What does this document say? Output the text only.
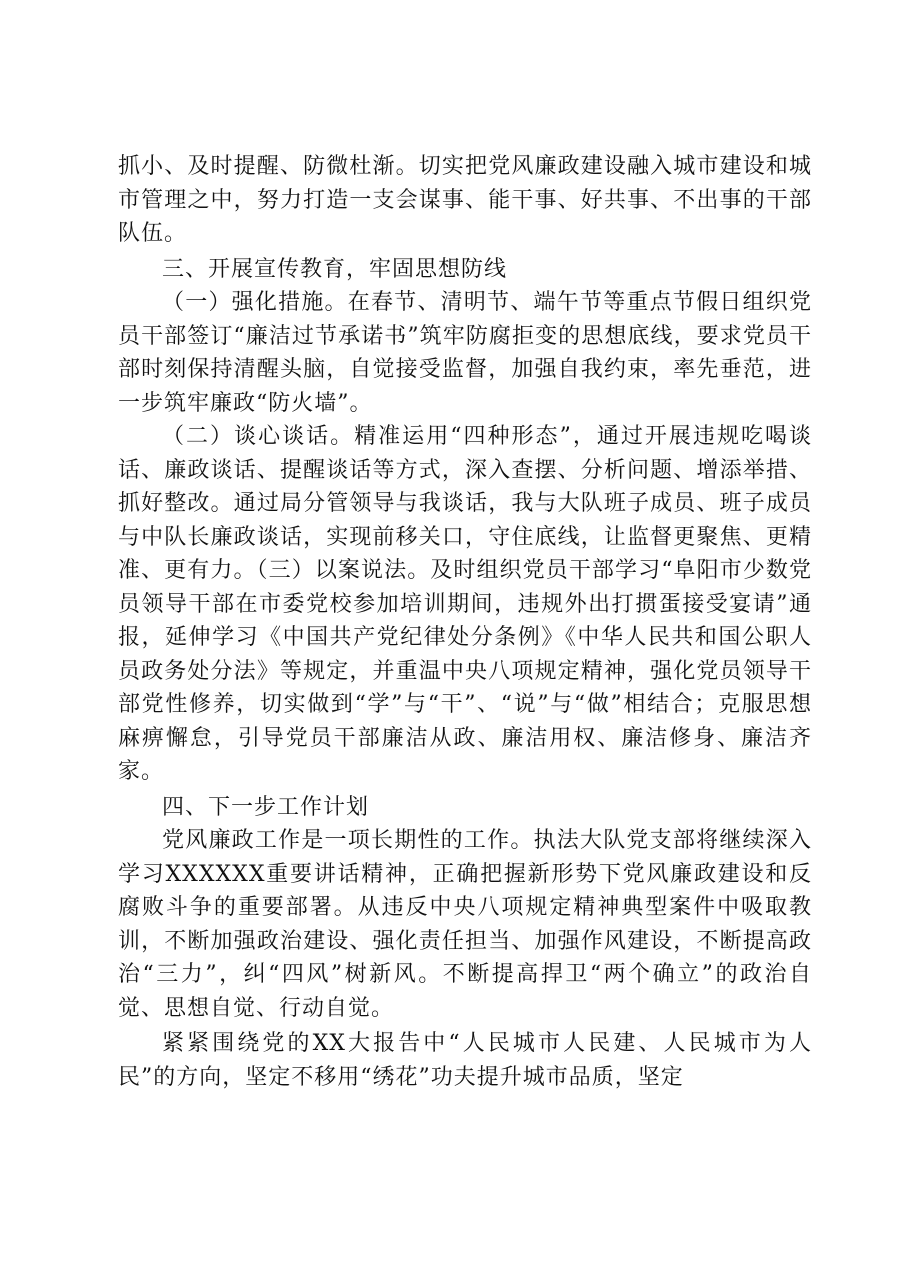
抓小、及时提醒、防微杜渐。切实把党风廉政建设融入城市建设和城市管理之中，努力打造一支会谋事、能干事、好共事、不出事的干部队伍。

三、开展宣传教育，牢固思想防线

（一）强化措施。在春节、清明节、端午节等重点节假日组织党员干部签订“廉洁过节承诺书”筑牢防腐拒变的思想底线，要求党员干部时刻保持清醒头脑，自觉接受监督，加强自我约束，率先垂范，进一步筑牢廉政“防火墙”。

（二）谈心谈话。精准运用“四种形态”，通过开展违规吃喝谈话、廉政谈话、提醒谈话等方式，深入查摆、分析问题、增添举措、抓好整改。通过局分管领导与我谈话，我与大队班子成员、班子成员与中队长廉政谈话，实现前移关口，守住底线，让监督更聚焦、更精准、更有力。（三）以案说法。及时组织党员干部学习“阜阳市少数党员领导干部在市委党校参加培训期间，违规外出打掼蛋接受宴请”通报，延伸学习《中国共产党纪律处分条例》《中华人民共和国公职人员政务处分法》等规定，并重温中央八项规定精神，强化党员领导干部党性修养，切实做到“学”与“干”、“说”与“做”相结合；克服思想麻痹懈怠，引导党员干部廉洁从政、廉洁用权、廉洁修身、廉洁齐家。

四、下一步工作计划

党风廉政工作是一项长期性的工作。执法大队党支部将继续深入学习XXXXXX重要讲话精神，正确把握新形势下党风廉政建设和反腐败斗争的重要部署。从违反中央八项规定精神典型案件中吸取教训，不断加强政治建设、强化责任担当、加强作风建设，不断提高政治“三力”，纠“四风”树新风。不断提高捍卫“两个确立”的政治自觉、思想自觉、行动自觉。

紧紧围绕党的XX大报告中“人民城市人民建、人民城市为人民”的方向，坚定不移用“绣花”功夫提升城市品质，坚定
